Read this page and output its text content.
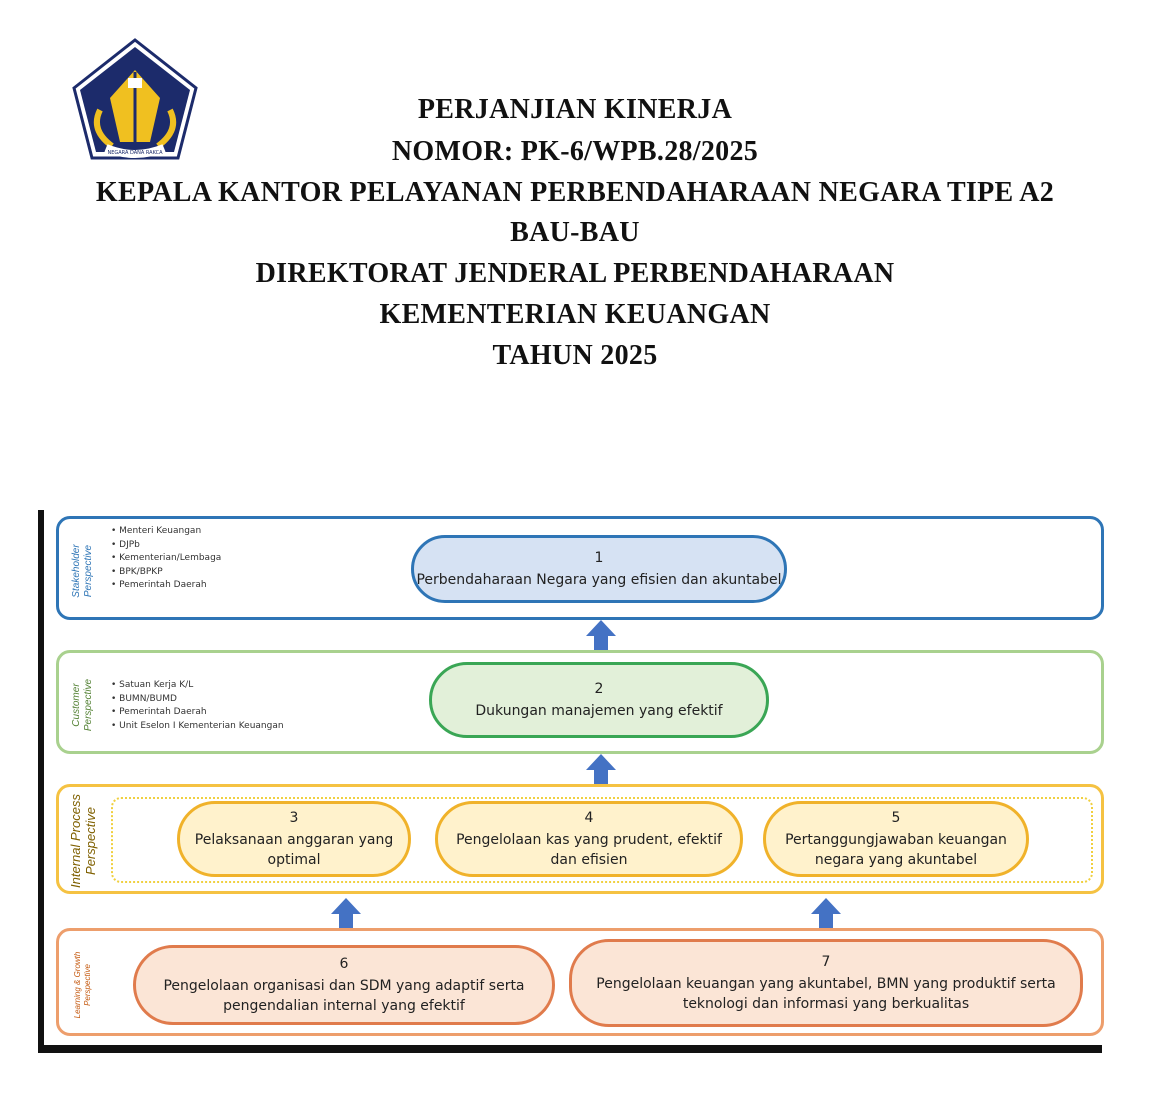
NEGARA DANA RAKCA
PERJANJIAN KINERJA
NOMOR: PK-6/WPB.28/2025
KEPALA KANTOR PELAYANAN PERBENDAHARAAN NEGARA TIPE A2
BAU-BAU
DIREKTORAT JENDERAL PERBENDAHARAAN
KEMENTERIAN KEUANGAN
TAHUN 2025
Stakeholder Perspective
• Menteri Keuangan
• DJPb
• Kementerian/Lembaga
• BPK/BPKP
• Pemerintah Daerah
1
Perbendaharaan Negara yang efisien dan akuntabel
Customer Perspective
•	Satuan Kerja K/L
• BUMN/BUMD
• Pemerintah Daerah
• Unit Eselon I Kementerian Keuangan
2
Dukungan manajemen yang efektif
Internal Process Perspective	3
Pelaksanaan anggaran yang
optimal
4
Pengelolaan kas yang prudent, efektif
dan efisien
5
Pertanggungjawaban keuangan
negara yang akuntabel
Learning & Growth Perspective
6
Pengelolaan organisasi dan SDM yang adaptif serta
pengendalian internal yang efektif
7
Pengelolaan keuangan yang akuntabel, BMN yang produktif serta
teknologi dan informasi yang berkualitas
